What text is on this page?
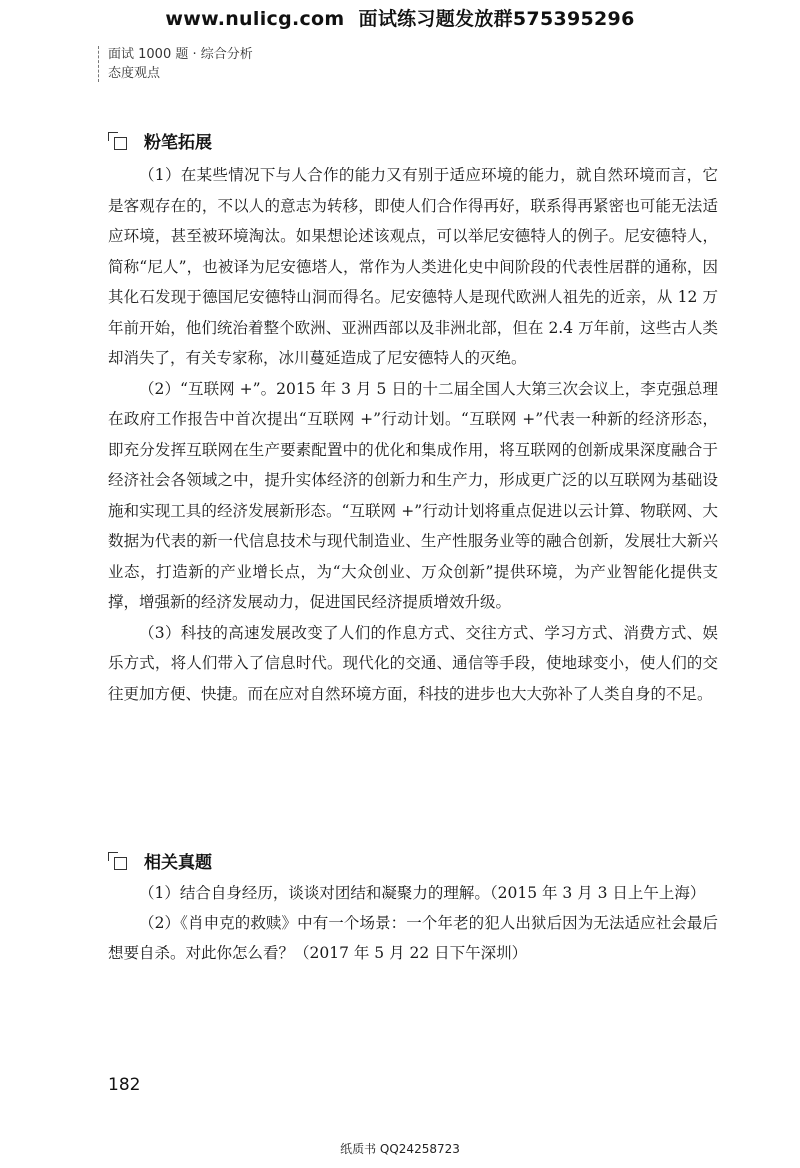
www.nulicg.com 面试练习题发放群575395296
面试 1000 题 · 综合分析
态度观点
粉笔拓展

（1）在某些情况下与人合作的能力又有别于适应环境的能力，就自然环境而言，它是客观存在的，不以人的意志为转移，即使人们合作得再好，联系得再紧密也可能无法适应环境，甚至被环境淘汰。如果想论述该观点，可以举尼安德特人的例子。尼安德特人，简称“尼人”，也被译为尼安德塔人，常作为人类进化史中间阶段的代表性居群的通称，因其化石发现于德国尼安德特山洞而得名。尼安德特人是现代欧洲人祖先的近亲，从 12 万年前开始，他们统治着整个欧洲、亚洲西部以及非洲北部，但在 2.4 万年前，这些古人类却消失了，有关专家称，冰川蔓延造成了尼安德特人的灭绝。

（2）“互联网 +”。2015 年 3 月 5 日的十二届全国人大第三次会议上，李克强总理在政府工作报告中首次提出“互联网 +”行动计划。“互联网 +”代表一种新的经济形态，即充分发挥互联网在生产要素配置中的优化和集成作用，将互联网的创新成果深度融合于经济社会各领域之中，提升实体经济的创新力和生产力，形成更广泛的以互联网为基础设施和实现工具的经济发展新形态。“互联网 +”行动计划将重点促进以云计算、物联网、大数据为代表的新一代信息技术与现代制造业、生产性服务业等的融合创新，发展壮大新兴业态，打造新的产业增长点，为“大众创业、万众创新”提供环境，为产业智能化提供支撑，增强新的经济发展动力，促进国民经济提质增效升级。

（3）科技的高速发展改变了人们的作息方式、交往方式、学习方式、消费方式、娱乐方式，将人们带入了信息时代。现代化的交通、通信等手段，使地球变小，使人们的交往更加方便、快捷。而在应对自然环境方面，科技的进步也大大弥补了人类自身的不足。

相关真题

（1）结合自身经历，谈谈对团结和凝聚力的理解。（2015 年 3 月 3 日上午上海）

（2）《肖申克的救赎》中有一个场景：一个年老的犯人出狱后因为无法适应社会最后想要自杀。对此你怎么看？（2017 年 5 月 22 日下午深圳）

182
纸质书 QQ24258723
